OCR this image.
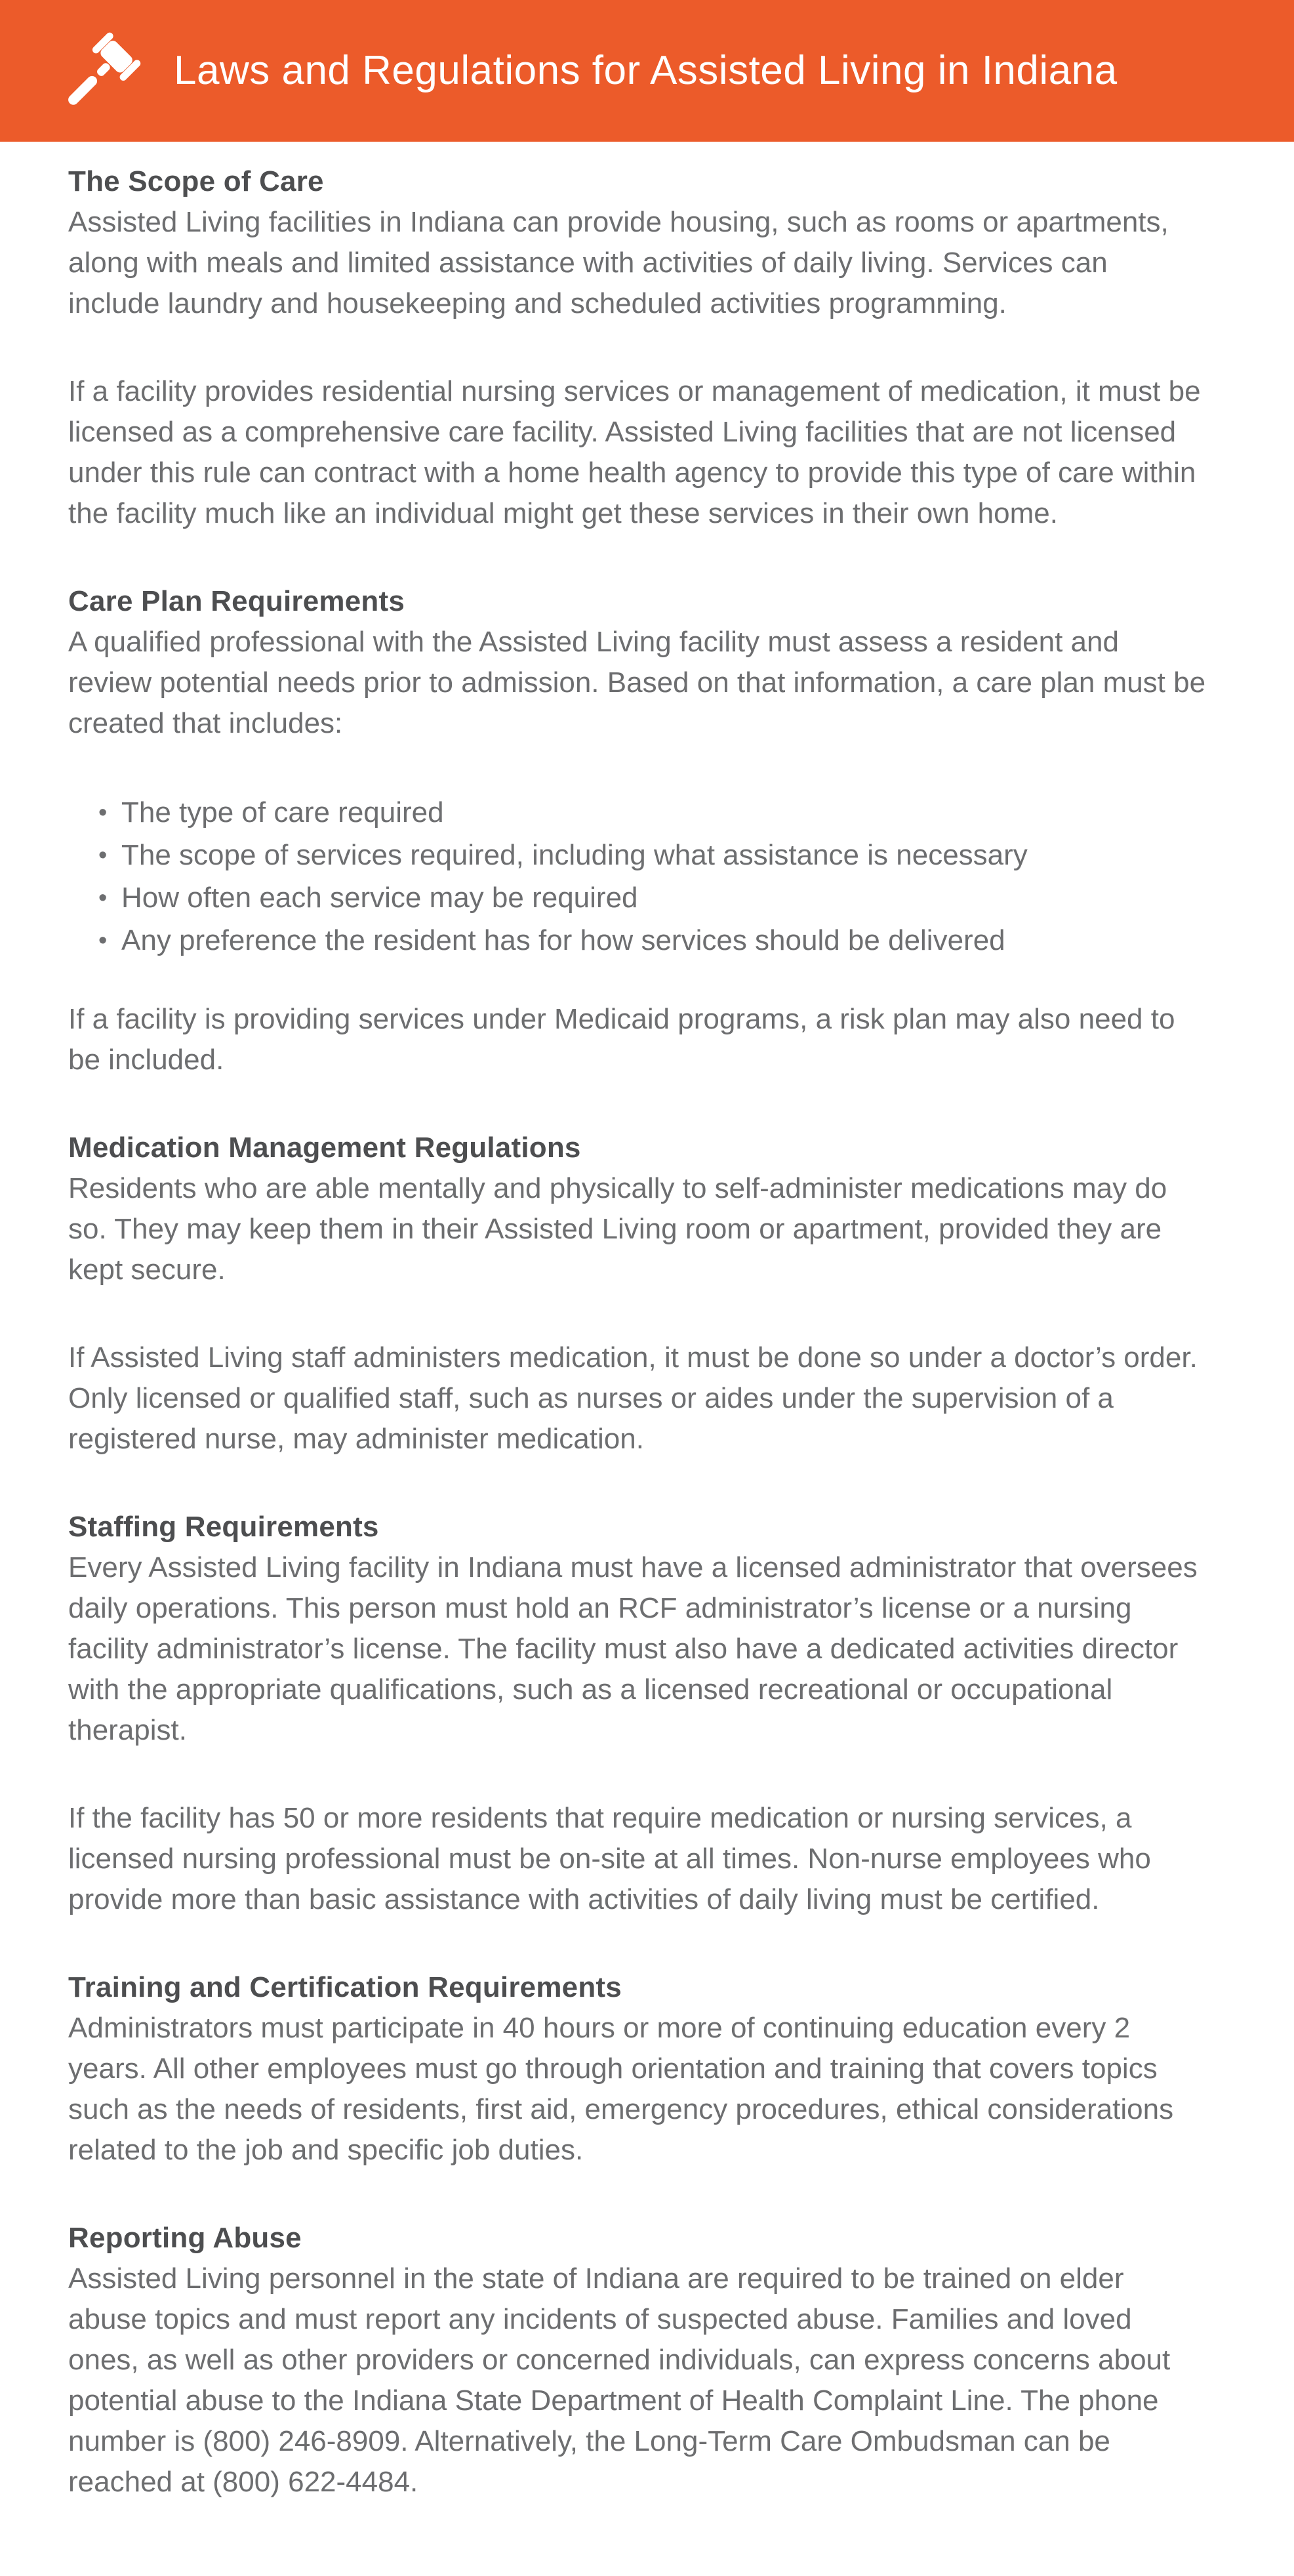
Laws and Regulations for Assisted Living in Indiana
The Scope of Care

Assisted Living facilities in Indiana can provide housing, such as rooms or apartments, along with meals and limited assistance with activities of daily living. Services can include laundry and housekeeping and scheduled activities programming.

If a facility provides residential nursing services or management of medication, it must be licensed as a comprehensive care facility. Assisted Living facilities that are not licensed under this rule can contract with a home health agency to provide this type of care within the facility much like an individual might get these services in their own home.

Care Plan Requirements

A qualified professional with the Assisted Living facility must assess a resident and review potential needs prior to admission. Based on that information, a care plan must be created that includes:

• The type of care required
• The scope of services required, including what assistance is necessary
• How often each service may be required
• Any preference the resident has for how services should be delivered

If a facility is providing services under Medicaid programs, a risk plan may also need to be included.

Medication Management Regulations

Residents who are able mentally and physically to self-administer medications may do so. They may keep them in their Assisted Living room or apartment, provided they are kept secure.

If Assisted Living staff administers medication, it must be done so under a doctor’s order. Only licensed or qualified staff, such as nurses or aides under the supervision of a registered nurse, may administer medication.

Staffing Requirements

Every Assisted Living facility in Indiana must have a licensed administrator that oversees daily operations. This person must hold an RCF administrator’s license or a nursing facility administrator’s license. The facility must also have a dedicated activities director with the appropriate qualifications, such as a licensed recreational or occupational therapist.

If the facility has 50 or more residents that require medication or nursing services, a licensed nursing professional must be on-site at all times. Non-nurse employees who provide more than basic assistance with activities of daily living must be certified.

Training and Certification Requirements

Administrators must participate in 40 hours or more of continuing education every 2 years. All other employees must go through orientation and training that covers topics such as the needs of residents, first aid, emergency procedures, ethical considerations related to the job and specific job duties.

Reporting Abuse

Assisted Living personnel in the state of Indiana are required to be trained on elder abuse topics and must report any incidents of suspected abuse. Families and loved ones, as well as other providers or concerned individuals, can express concerns about potential abuse to the Indiana State Department of Health Complaint Line. The phone number is (800) 246-8909. Alternatively, the Long-Term Care Ombudsman can be reached at (800) 622-4484.
